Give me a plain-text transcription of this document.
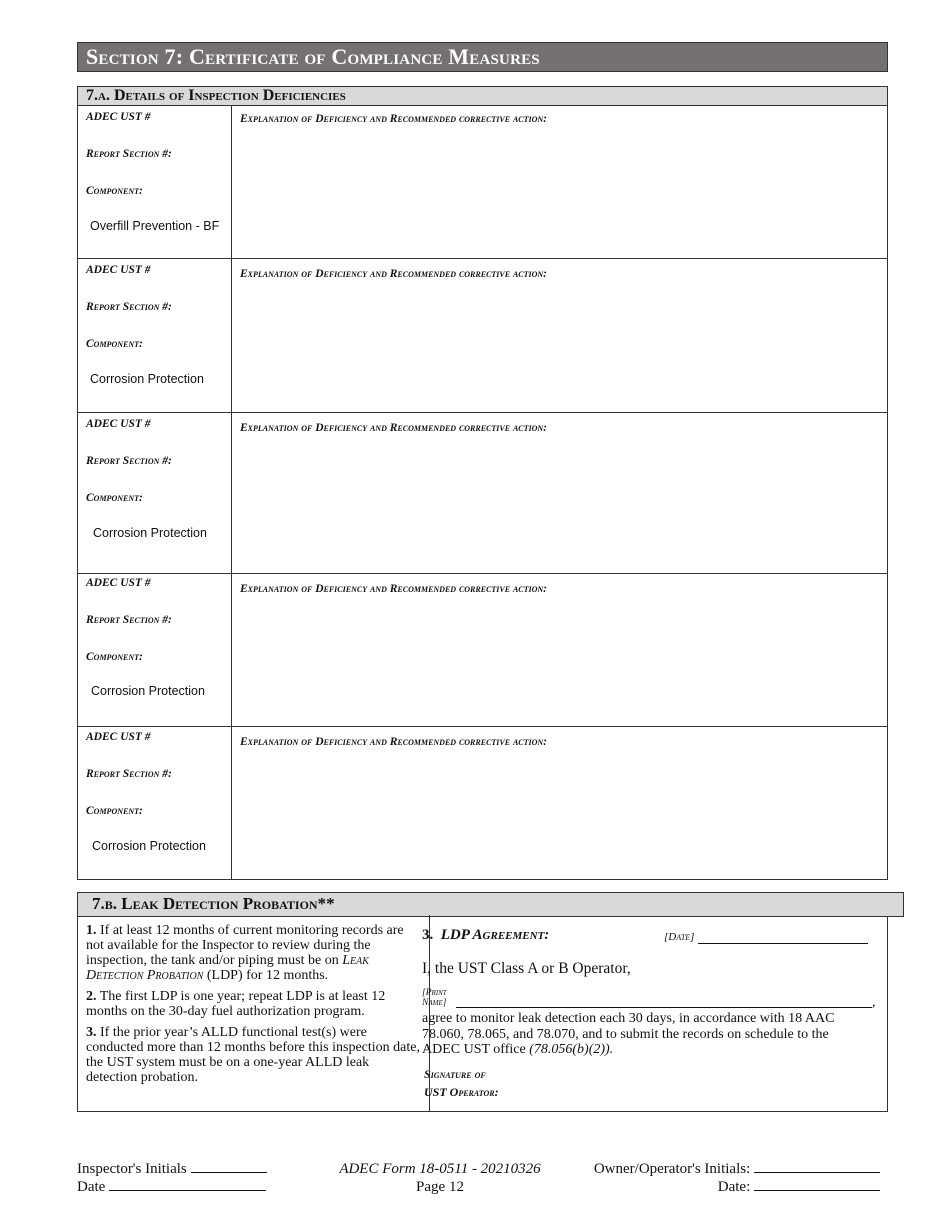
Section 7: Certificate of Compliance Measures
7.a. Details of Inspection Deficiencies
ADEC UST #
Report Section #:
Component:
Overfill Prevention - BF
Explanation of Deficiency and Recommended corrective action:
ADEC UST #
Report Section #:
Component:
Corrosion Protection
Explanation of Deficiency and Recommended corrective action:
ADEC UST #
Report Section #:
Component:
Corrosion Protection
Explanation of Deficiency and Recommended corrective action:
ADEC UST #
Report Section #:
Component:
Corrosion Protection
Explanation of Deficiency and Recommended corrective action:
ADEC UST #
Report Section #:
Component:
Corrosion Protection
Explanation of Deficiency and Recommended corrective action:
7.b. Leak Detection Probation**

1. If at least 12 months of current monitoring records are not available for the Inspector to review during the inspection, the tank and/or piping must be on Leak Detection Probation (LDP) for 12 months.

2. The first LDP is one year; repeat LDP is at least 12 months on the 30-day fuel authorization program.

3. If the prior year’s ALLD functional test(s) were conducted more than 12 months before this inspection date, the UST system must be on a one-year ALLD leak detection probation.

3. LDP Agreement:	[Date]
I, the UST Class A or B Operator,
[Print
Name]	,
agree to monitor leak detection each 30 days, in accordance with 18 AAC 78.060, 78.065, and 78.070, and to submit the records on schedule to the ADEC UST office (78.056(b)(2)).
Signature of
UST Operator:
Inspector's Initials
Date
ADEC Form 18-0511 - 20210326
Page 12
Owner/Operator's Initials:
Date:
